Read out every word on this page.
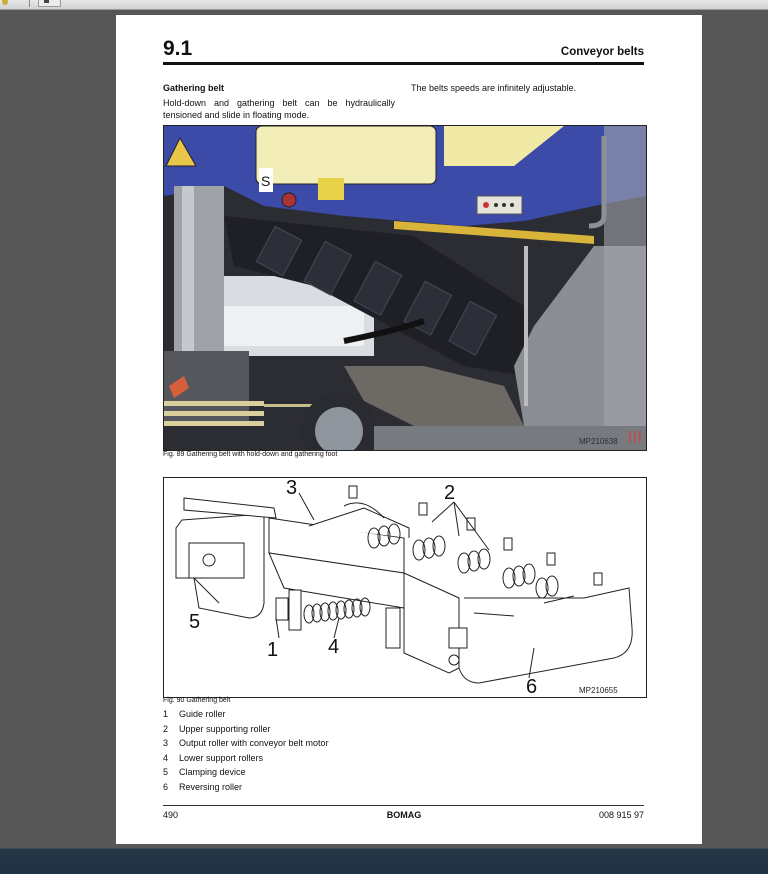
9.1	Conveyor belts
Gathering belt
Hold-down and gathering belt can be hydraulically tensioned and slide in floating mode.
The belts speeds are infinitely adjustable.
S
MP210638
Fig. 89 Gathering belt with hold-down and gathering foot
3	2
5
1 4
6	MP210655
Fig. 90 Gathering belt
1	Guide roller
2	Upper supporting roller
3	Output roller with conveyor belt motor
4	Lower support rollers
5	Clamping device
6	Reversing roller
490	BOMAG	008 915 97
